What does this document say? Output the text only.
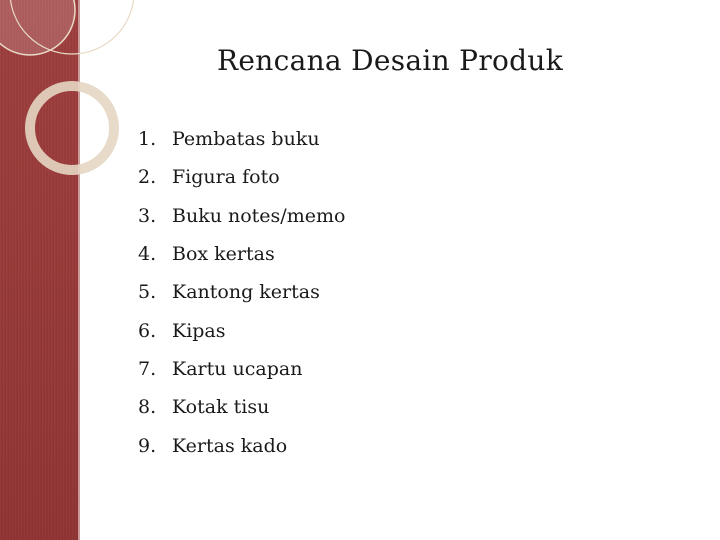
Rencana Desain Produk
1. Pembatas buku
2. Figura foto
3. Buku notes/memo
4. Box kertas
5. Kantong kertas
6. Kipas
7. Kartu ucapan
8. Kotak tisu
9. Kertas kado
